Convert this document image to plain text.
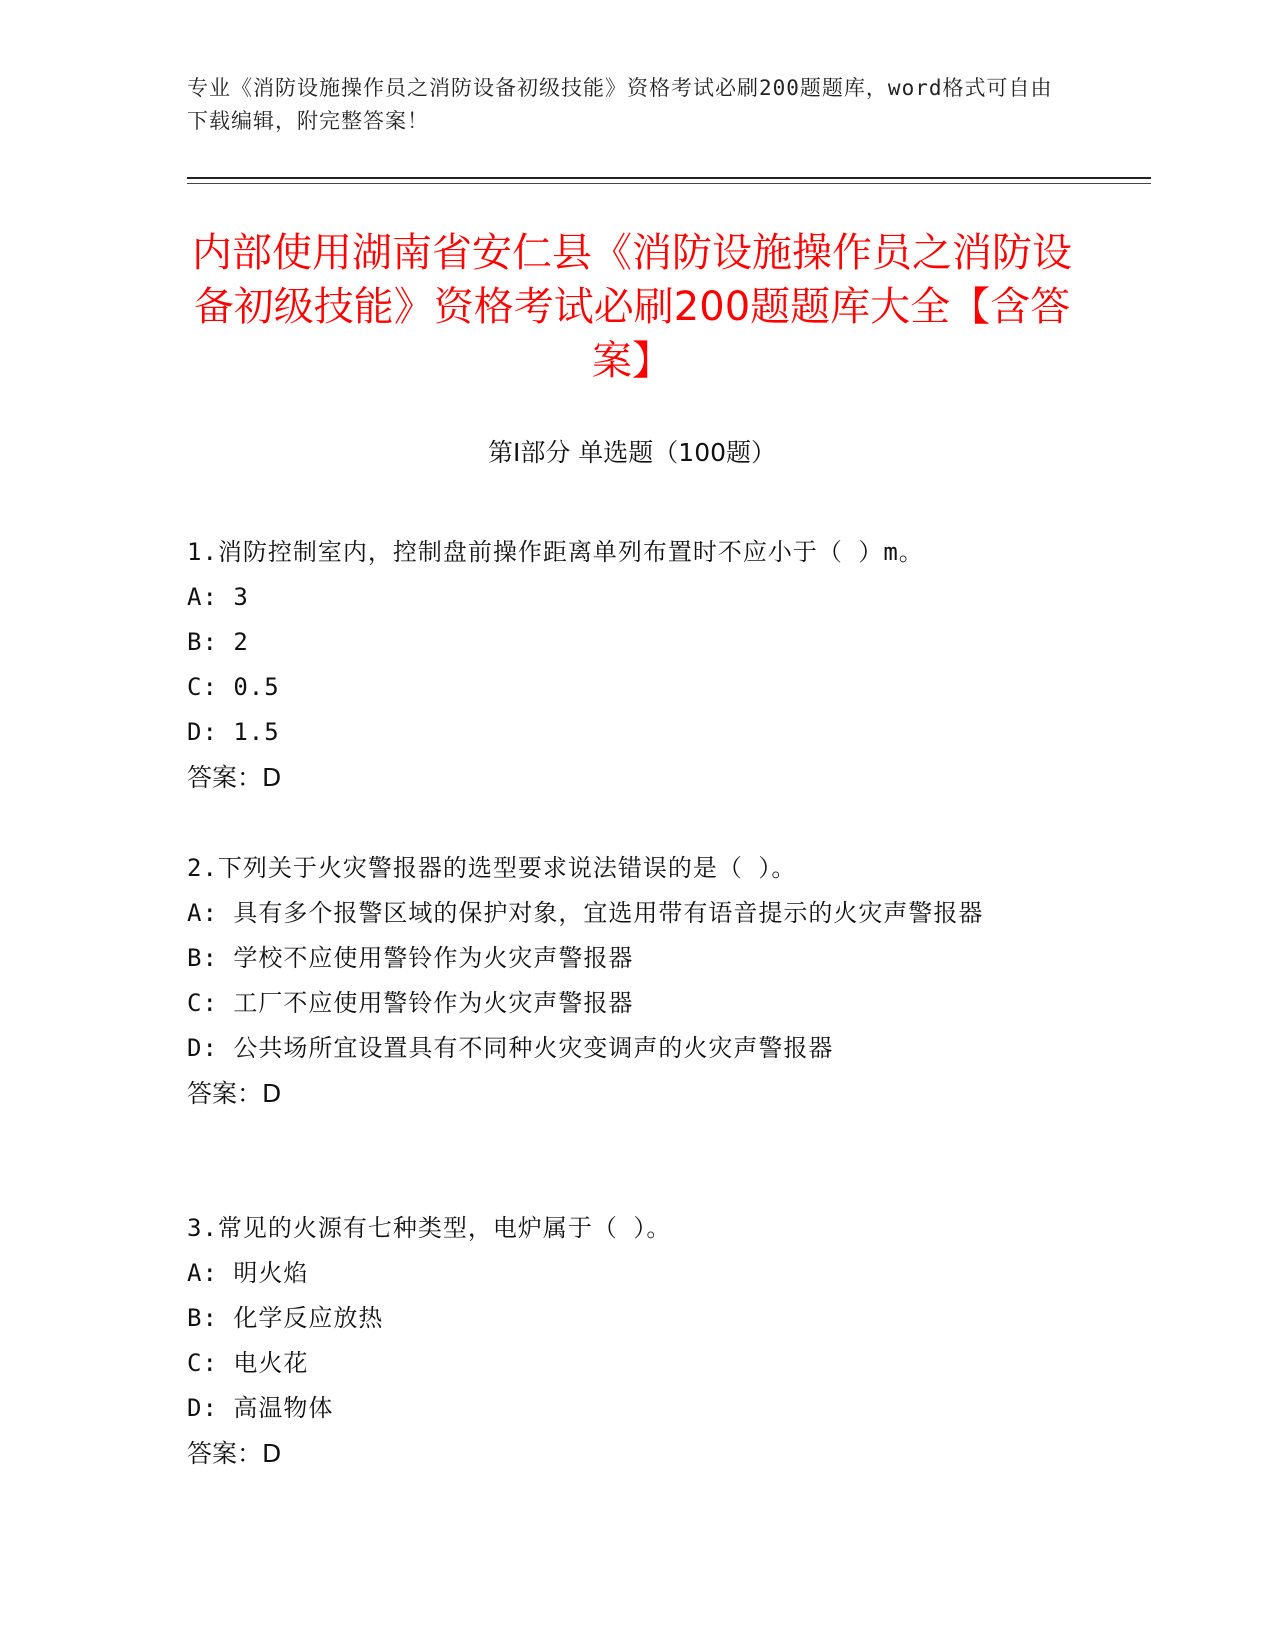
专业《消防设施操作员之消防设备初级技能》资格考试必刷200题题库，word格式可自由下载编辑，附完整答案！
内部使用湖南省安仁县《消防设施操作员之消防设备初级技能》资格考试必刷200题题库大全【含答案】
第Ⅰ部分 单选题（100题）
1.消防控制室内，控制盘前操作距离单列布置时不应小于（ ）m。
A: 3
B: 2
C: 0.5
D: 1.5
答案：D
2.下列关于火灾警报器的选型要求说法错误的是（ ）。
A: 具有多个报警区域的保护对象，宜选用带有语音提示的火灾声警报器
B: 学校不应使用警铃作为火灾声警报器
C: 工厂不应使用警铃作为火灾声警报器
D: 公共场所宜设置具有不同种火灾变调声的火灾声警报器
答案：D
3.常见的火源有七种类型，电炉属于（ ）。
A: 明火焰
B: 化学反应放热
C: 电火花
D: 高温物体
答案：D
